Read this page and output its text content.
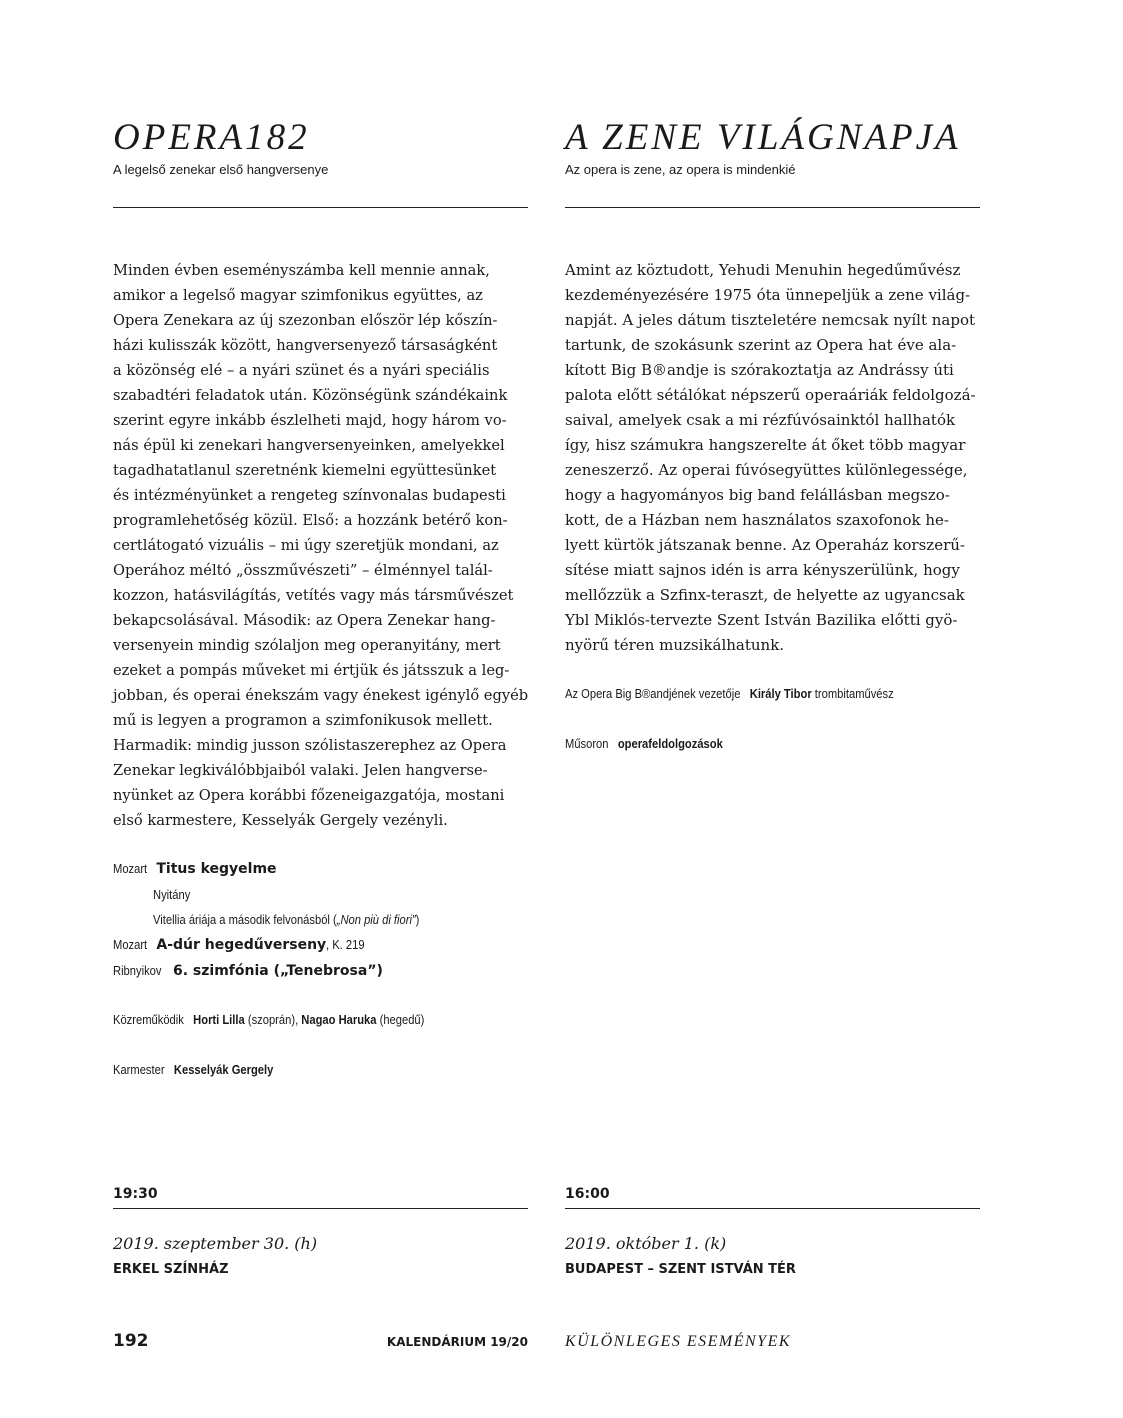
OPERA182

A legelső zenekar első hangversenye

Minden évben eseményszámba kell mennie annak,
amikor a legelső magyar szimfonikus együttes, az
Opera Zenekara az új szezonban először lép kőszín-
házi kulisszák között, hangversenyező társaságként
a közönség elé – a nyári szünet és a nyári speciális
szabadtéri feladatok után. Közönségünk szándékaink
szerint egyre inkább észlelheti majd, hogy három vo-
nás épül ki zenekari hangversenyeinken, amelyekkel
tagadhatatlanul szeretnénk kiemelni együttesünket
és intézményünket a rengeteg színvonalas budapesti
programlehetőség közül. Első: a hozzánk betérő kon-
certlátogató vizuális – mi úgy szeretjük mondani, az
Operához méltó „összművészeti” – élménnyel talál-
kozzon, hatásvilágítás, vetítés vagy más társművészet
bekapcsolásával. Második: az Opera Zenekar hang-
versenyein mindig szólaljon meg operanyitány, mert
ezeket a pompás műveket mi értjük és játsszuk a leg-
jobban, és operai énekszám vagy énekest igénylő egyéb
mű is legyen a programon a szimfonikusok mellett.
Harmadik: mindig jusson szólistaszerephez az Opera
Zenekar legkiválóbbjaiból valaki. Jelen hangverse-
nyünket az Opera korábbi főzeneigazgatója, mostani
első karmestere, Kesselyák Gergely vezényli.
Mozart Titus kegyelme
Nyitány
Vitellia áriája a második felvonásból („Non più di fiori”)
Mozart A-dúr hegedűverseny, K. 219
Ribnyikov 6. szimfónia („Tenebrosa”)
Közreműködik Horti Lilla (szoprán), Nagao Haruka (hegedű)
Karmester Kesselyák Gergely

19:30

2019. szeptember 30. (h)

ERKEL SZÍNHÁZ

A ZENE VILÁGNAPJA

Az opera is zene, az opera is mindenkié

Amint az köztudott, Yehudi Menuhin hegedűművész
kezdeményezésére 1975 óta ünnepeljük a zene világ-
napját. A jeles dátum tiszteletére nemcsak nyílt napot
tartunk, de szokásunk szerint az Opera hat éve ala-
kított Big B®andje is szórakoztatja az Andrássy úti
palota előtt sétálókat népszerű operaáriák feldolgozá-
saival, amelyek csak a mi rézfúvósainktól hallhatók
így, hisz számukra hangszerelte át őket több magyar
zeneszerző. Az operai fúvósegyüttes különlegessége,
hogy a hagyományos big band felállásban megszo-
kott, de a Házban nem használatos szaxofonok he-
lyett kürtök játszanak benne. Az Operaház korszerű-
sítése miatt sajnos idén is arra kényszerülünk, hogy
mellőzzük a Szfinx-teraszt, de helyette az ugyancsak
Ybl Miklós-tervezte Szent István Bazilika előtti gyö-
nyörű téren muzsikálhatunk.
Az Opera Big B®andjének vezetője Király Tibor trombitaművész
Műsoron operafeldolgozások

16:00

2019. október 1. (k)

BUDAPEST – SZENT ISTVÁN TÉR

192	KALENDÁRIUM 19/20 KÜLÖNLEGES ESEMÉNYEK
